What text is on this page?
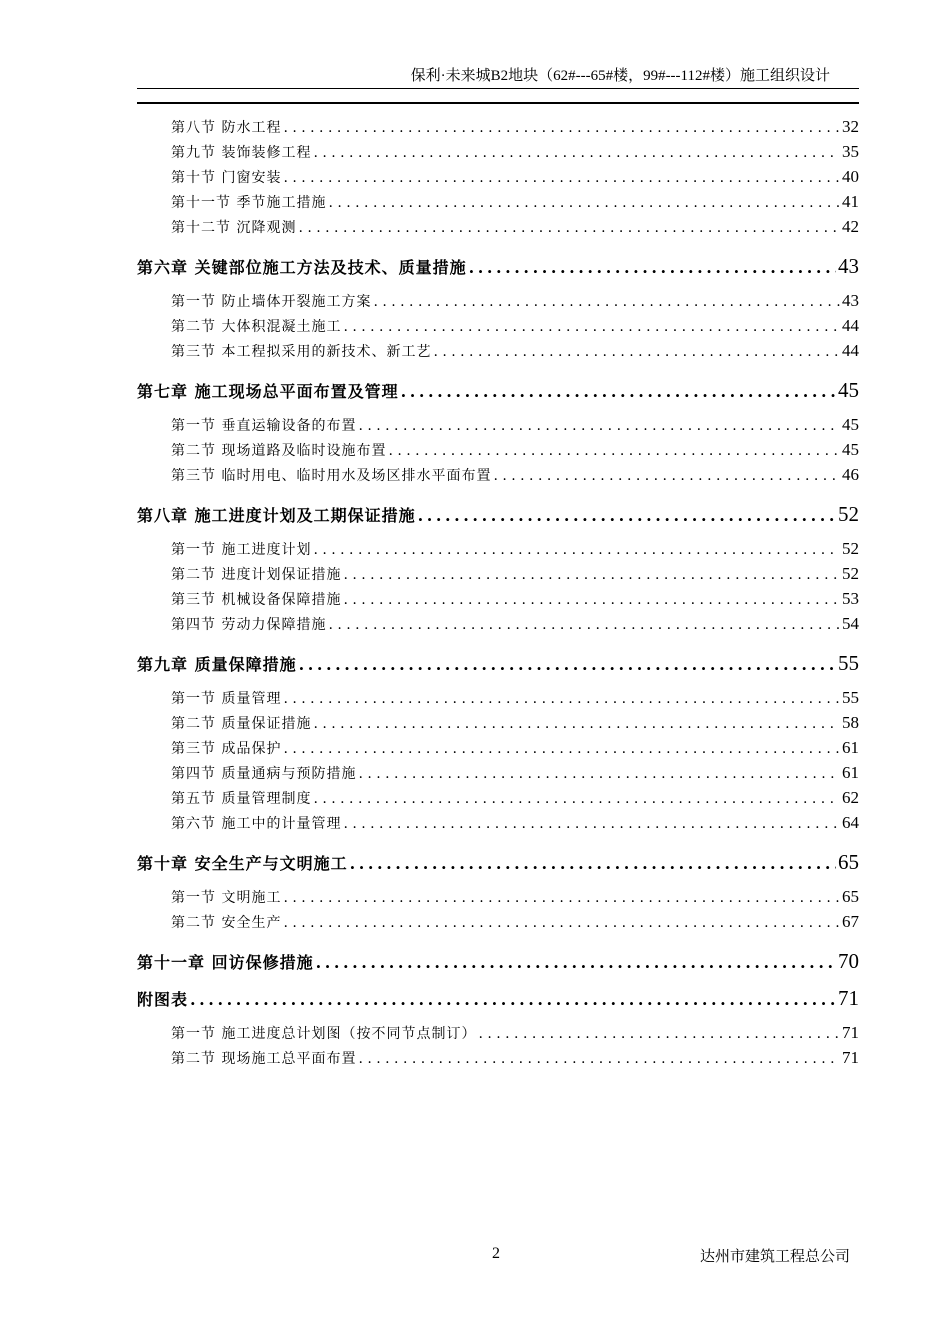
保利·未来城B2地块（62#---65#楼，99#---112#楼）施工组织设计
第八节 防水工程 . . .	32
第九节 装饰装修工程 . . .	35
第十节 门窗安装 . . .	40
第十一节 季节施工措施 . . .	41
第十二节 沉降观测 . . .	42
第六章 关键部位施工方法及技术、质量措施 . . .	43
第一节 防止墙体开裂施工方案 . . .	43
第二节 大体积混凝土施工 . . .	44
第三节 本工程拟采用的新技术、新工艺 . . .	44
第七章 施工现场总平面布置及管理 . . .	45
第一节 垂直运输设备的布置 . . .	45
第二节 现场道路及临时设施布置 . . .	45
第三节 临时用电、临时用水及场区排水平面布置 . . .	46
第八章 施工进度计划及工期保证措施 . . .	52
第一节 施工进度计划 . . .	52
第二节 进度计划保证措施 . . .	52
第三节 机械设备保障措施 . . .	53
第四节 劳动力保障措施 . . .	54
第九章 质量保障措施 . . .	55
第一节 质量管理 . . .	55
第二节 质量保证措施 . . .	58
第三节 成品保护 . . .	61
第四节 质量通病与预防措施 . . .	61
第五节 质量管理制度 . . .	62
第六节 施工中的计量管理 . . .	64
第十章 安全生产与文明施工 . . .	65
第一节 文明施工 . . .	65
第二节 安全生产 . . .	67
第十一章 回访保修措施 . . .	70
附图表 . . .	71
第一节 施工进度总计划图（按不同节点制订） . . .	71
第二节 现场施工总平面布置 . . .	71
2	达州市建筑工程总公司
